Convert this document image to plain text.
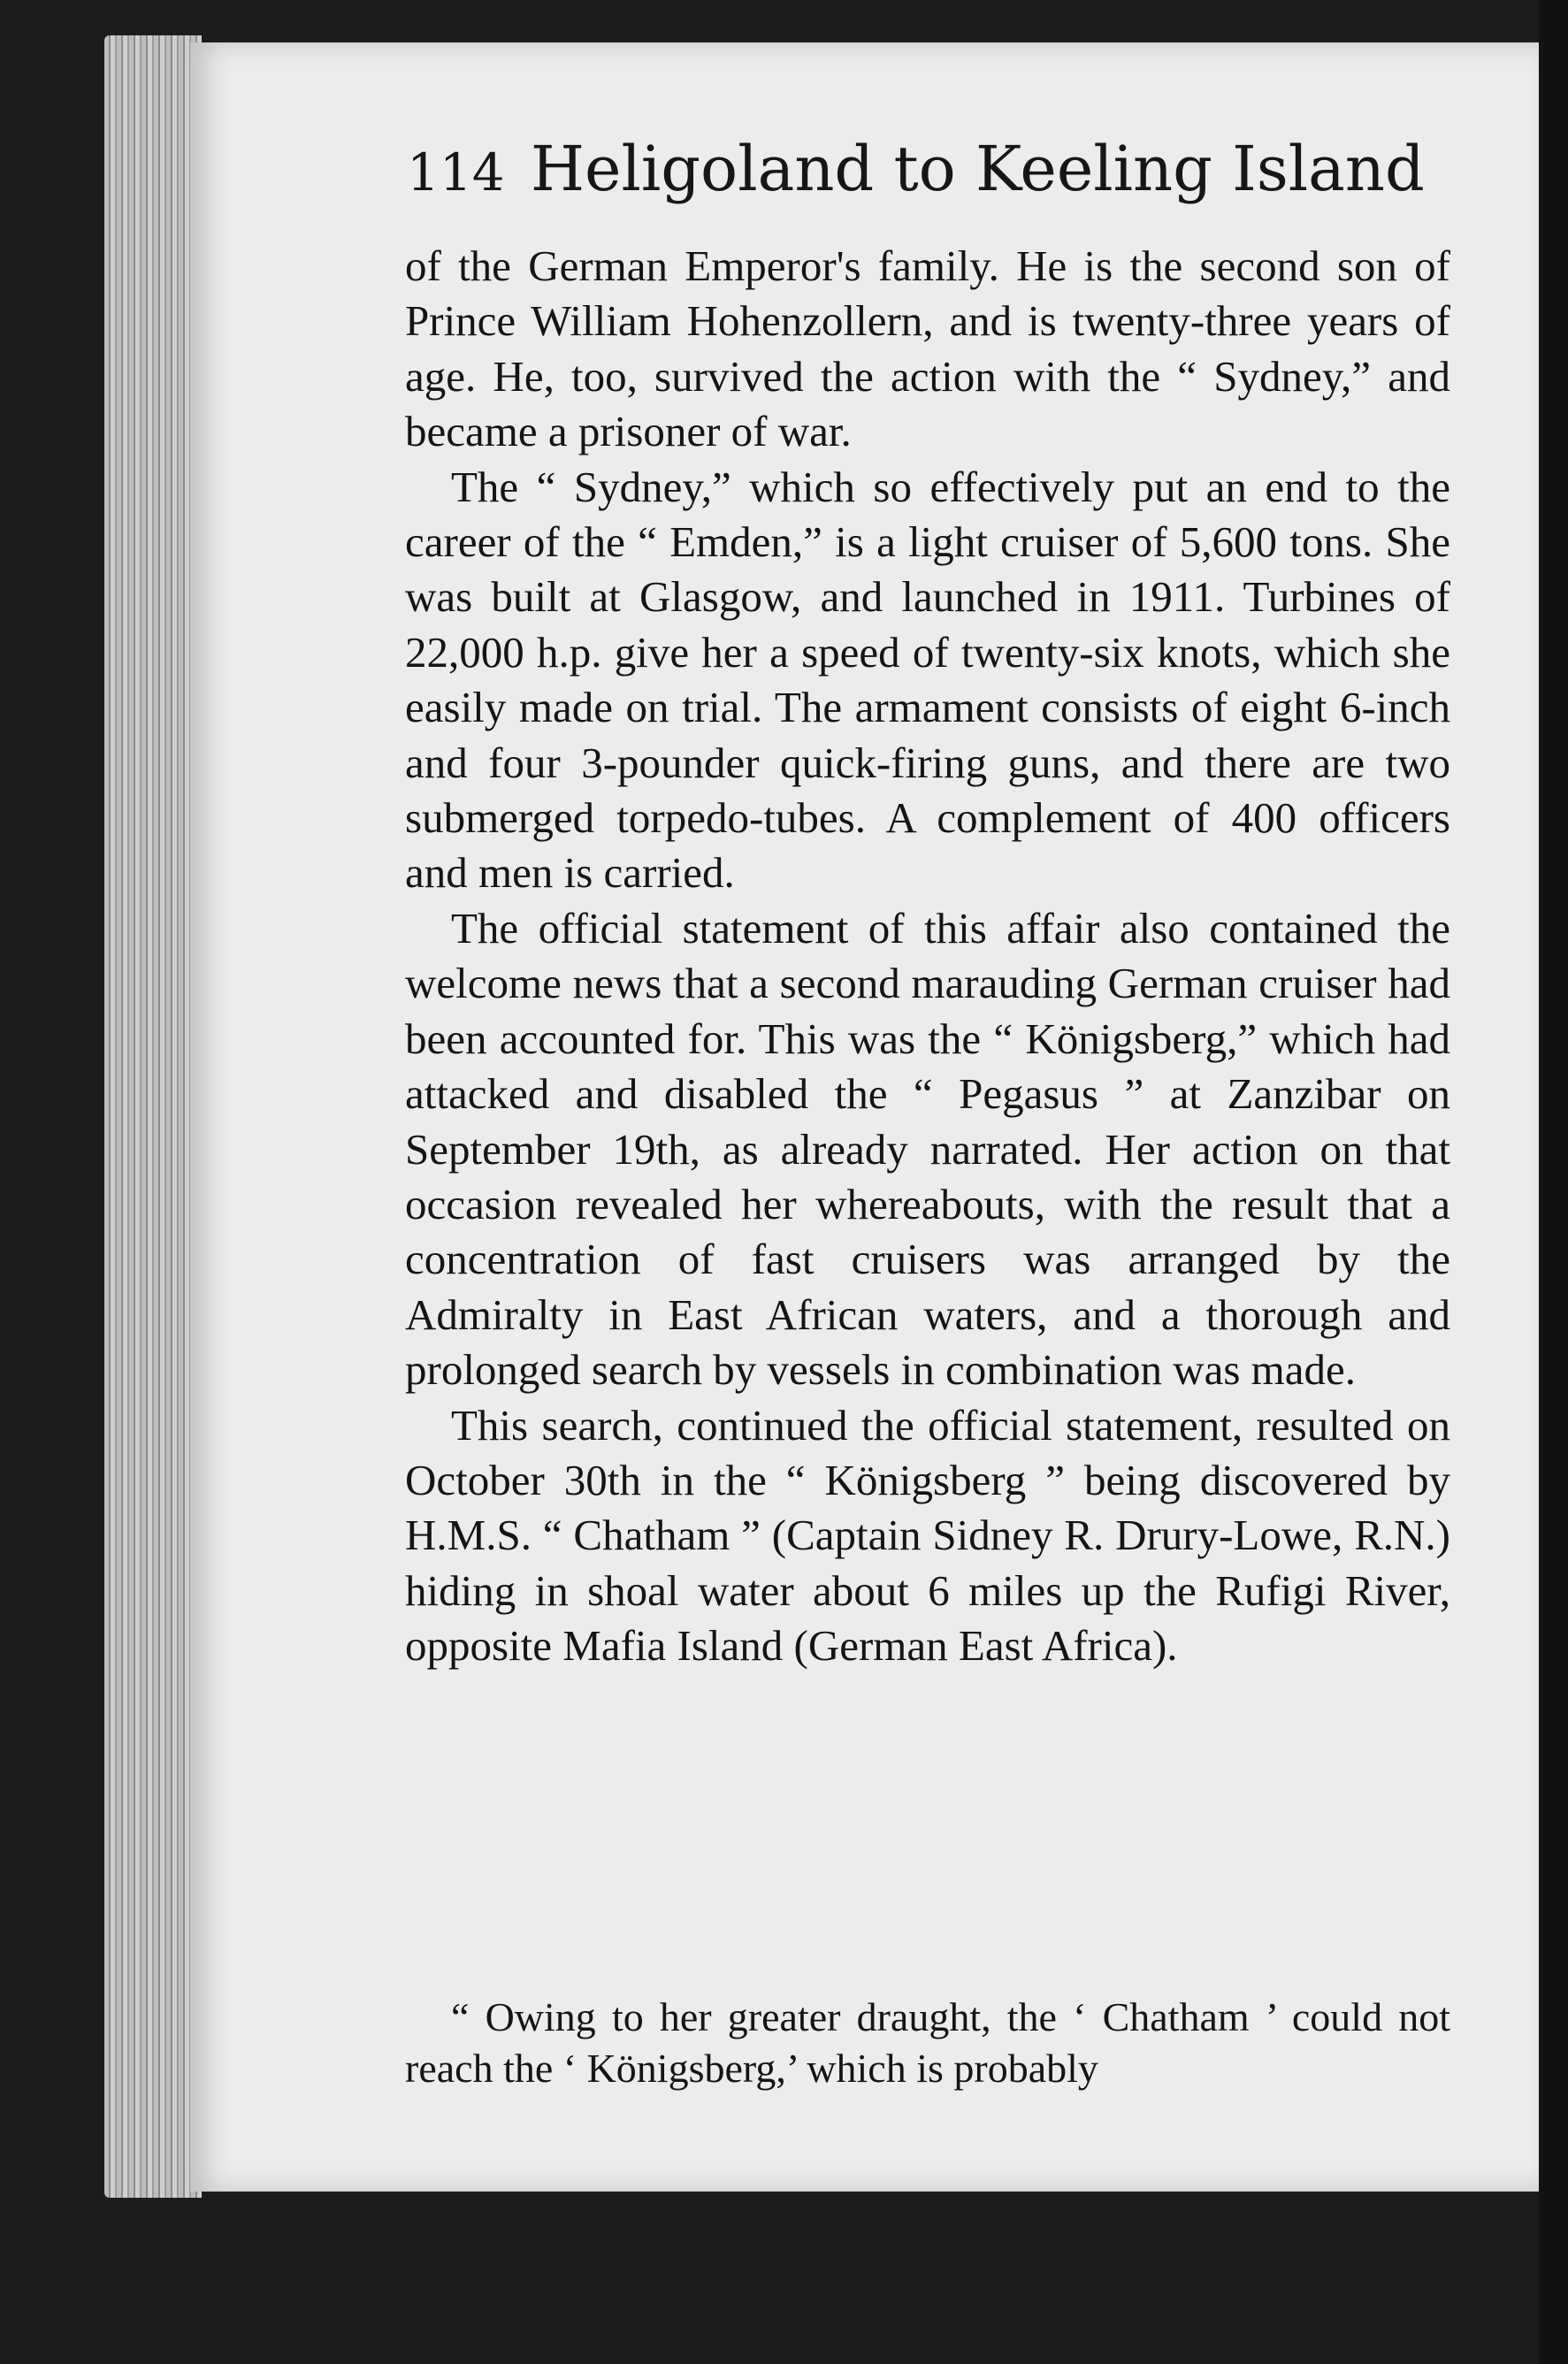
114 Heligoland to Keeling Island

of the German Emperor's family. He is the second son of Prince William Hohenzollern, and is twenty-three years of age. He, too, survived the action with the “ Sydney,” and became a prisoner of war.

The “ Sydney,” which so effectively put an end to the career of the “ Emden,” is a light cruiser of 5,600 tons. She was built at Glasgow, and launched in 1911. Turbines of 22,000 h.p. give her a speed of twenty-six knots, which she easily made on trial. The armament consists of eight 6-inch and four 3-pounder quick-firing guns, and there are two submerged torpedo-tubes. A complement of 400 officers and men is carried.

The official statement of this affair also contained the welcome news that a second marauding German cruiser had been accounted for. This was the “ Königsberg,” which had attacked and disabled the “ Pegasus ” at Zanzibar on September 19th, as already narrated. Her action on that occasion revealed her whereabouts, with the result that a concentration of fast cruisers was arranged by the Admiralty in East African waters, and a thorough and prolonged search by vessels in combination was made.

This search, continued the official statement, resulted on October 30th in the “ Königsberg ” being discovered by H.M.S. “ Chatham ” (Captain Sidney R. Drury-Lowe, R.N.) hiding in shoal water about 6 miles up the Rufigi River, opposite Mafia Island (German East Africa).

“ Owing to her greater draught, the ‘ Chatham ’ could not reach the ‘ Königsberg,’ which is probably
